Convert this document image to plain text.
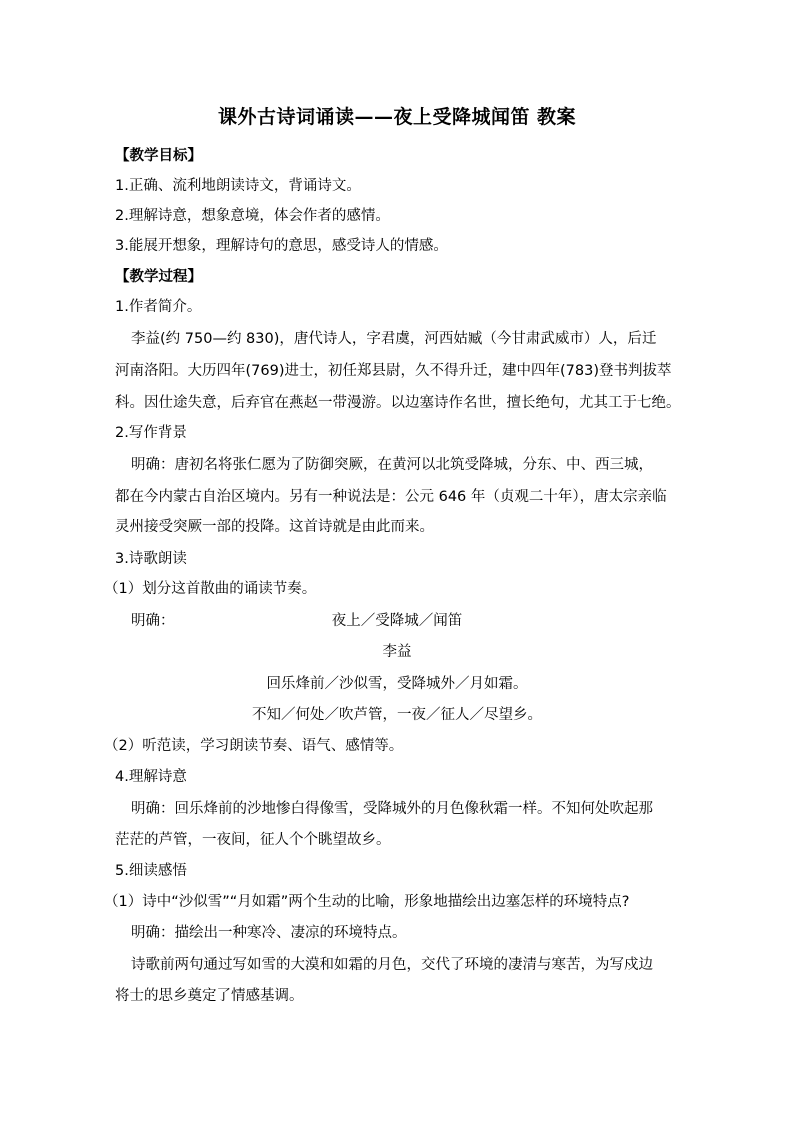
课外古诗词诵读——夜上受降城闻笛 教案
【教学目标】
1.正确、流利地朗读诗文，背诵诗文。
2.理解诗意，想象意境，体会作者的感情。
3.能展开想象，理解诗句的意思，感受诗人的情感。
【教学过程】
1.作者简介。
李益(约 750—约 830)，唐代诗人，字君虞，河西姑臧（今甘肃武威市）人，后迁
河南洛阳。大历四年(769)进士，初任郑县尉，久不得升迁，建中四年(783)登书判拔萃
科。因仕途失意，后弃官在燕赵一带漫游。以边塞诗作名世，擅长绝句，尤其工于七绝。
2.写作背景
明确：唐初名将张仁愿为了防御突厥，在黄河以北筑受降城，分东、中、西三城，
都在今内蒙古自治区境内。另有一种说法是：公元 646 年（贞观二十年），唐太宗亲临
灵州接受突厥一部的投降。这首诗就是由此而来。
3.诗歌朗读
（1）划分这首散曲的诵读节奏。
明确：	夜上／受降城／闻笛
李益
回乐烽前／沙似雪，受降城外／月如霜。
不知／何处／吹芦管，一夜／征人／尽望乡。
（2）听范读，学习朗读节奏、语气、感情等。
4.理解诗意
明确：回乐烽前的沙地惨白得像雪，受降城外的月色像秋霜一样。不知何处吹起那
茫茫的芦管，一夜间，征人个个眺望故乡。
5.细读感悟
（1）诗中“沙似雪”“月如霜”两个生动的比喻，形象地描绘出边塞怎样的环境特点?
明确：描绘出一种寒冷、凄凉的环境特点。
诗歌前两句通过写如雪的大漠和如霜的月色，交代了环境的凄清与寒苦，为写戍边
将士的思乡奠定了情感基调。
